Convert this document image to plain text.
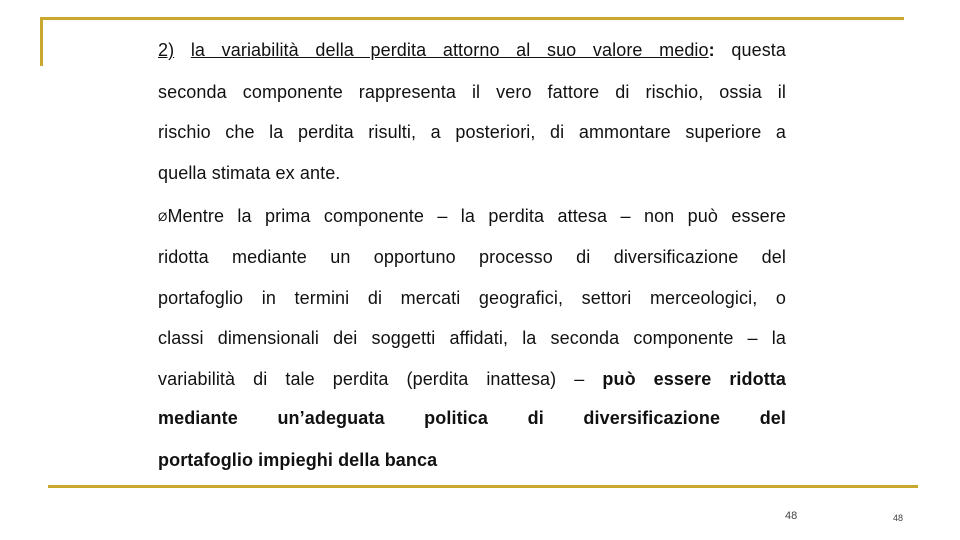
2) la variabilità della perdita attorno al suo valore medio: questa
seconda componente rappresenta il vero fattore di rischio, ossia il
rischio che la perdita risulti, a posteriori, di ammontare superiore a
quella stimata ex ante.
ØMentre la prima componente – la perdita attesa – non può essere
ridotta mediante un opportuno processo di diversificazione del
portafoglio in termini di mercati geografici, settori merceologici, o
classi dimensionali dei soggetti affidati, la seconda componente – la
variabilità di tale perdita (perdita inattesa) – può essere ridotta
mediante un’adeguata politica di diversificazione del
portafoglio impieghi della banca
48	48
